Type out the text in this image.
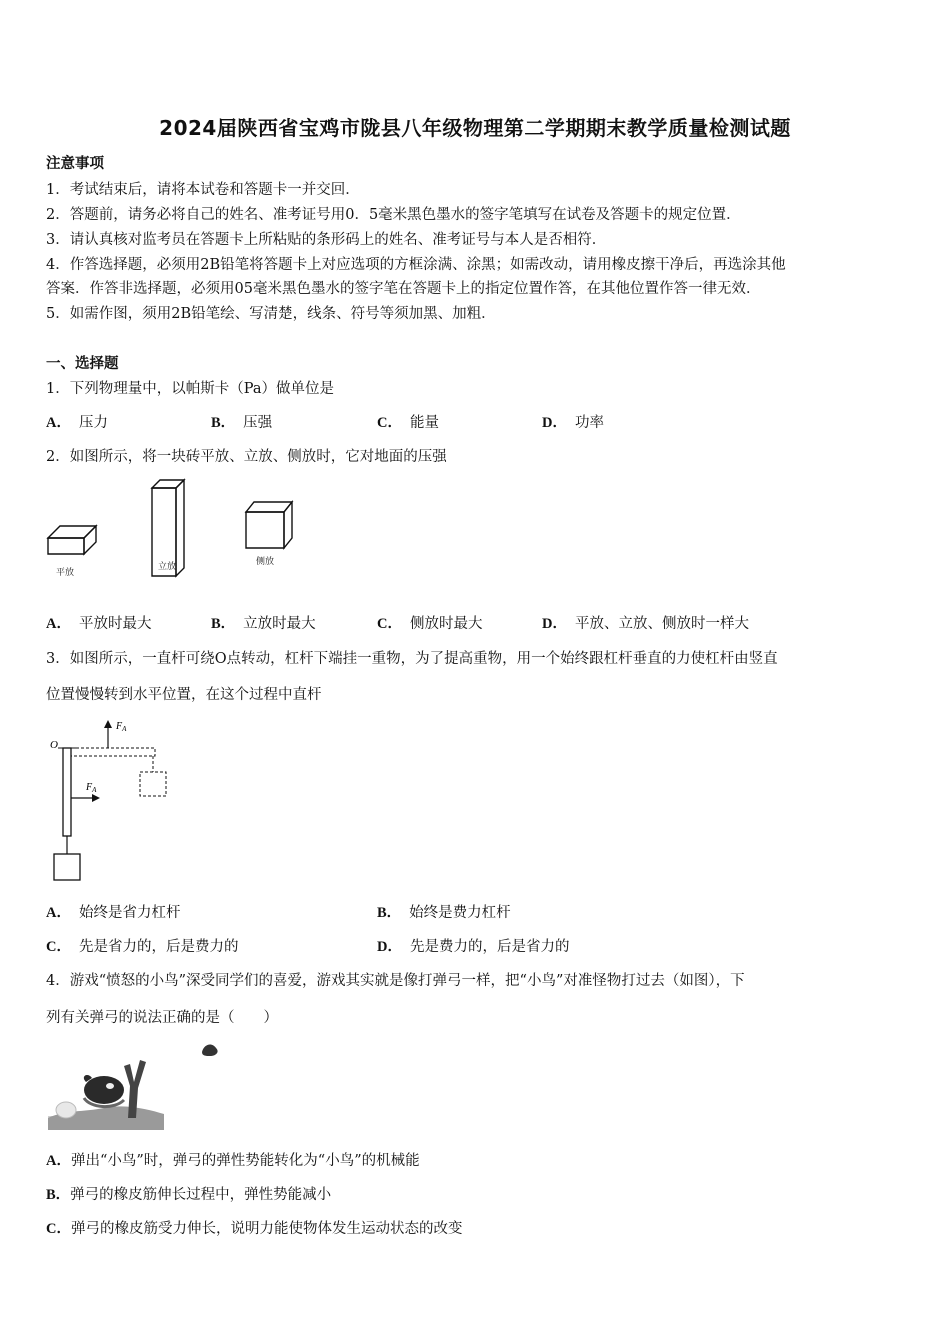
2024届陕西省宝鸡市陇县八年级物理第二学期期末教学质量检测试题
注意事项
1．考试结束后，请将本试卷和答题卡一并交回．
2．答题前，请务必将自己的姓名、准考证号用0．5毫米黑色墨水的签字笔填写在试卷及答题卡的规定位置．
3．请认真核对监考员在答题卡上所粘贴的条形码上的姓名、准考证号与本人是否相符．
4．作答选择题，必须用2B铅笔将答题卡上对应选项的方框涂满、涂黑；如需改动，请用橡皮擦干净后，再选涂其他
答案．作答非选择题，必须用05毫米黑色墨水的签字笔在答题卡上的指定位置作答，在其他位置作答一律无效．
5．如需作图，须用2B铅笔绘、写清楚，线条、符号等须加黑、加粗．
一、选择题
1．下列物理量中，以帕斯卡（Pa）做单位是
A． 压力	B． 压强	C． 能量	D． 功率
2．如图所示，将一块砖平放、立放、侧放时，它对地面的压强
平放
立放	侧放
A． 平放时最大	B． 立放时最大	C． 侧放时最大	D． 平放、立放、侧放时一样大
3．如图所示，一直杆可绕O点转动，杠杆下端挂一重物，为了提高重物，用一个始终跟杠杆垂直的力使杠杆由竖直
位置慢慢转到水平位置，在这个过程中直杆
O
$F_A$
$F_A$
A． 始终是省力杠杆	B． 始终是费力杠杆
C． 先是省力的，后是费力的	D． 先是费力的，后是省力的
4．游戏“愤怒的小鸟”深受同学们的喜爱，游戏其实就是像打弹弓一样，把“小鸟”对准怪物打过去（如图），下
列有关弹弓的说法正确的是（　　）
A．弹出“小鸟”时，弹弓的弹性势能转化为“小鸟”的机械能
B．弹弓的橡皮筋伸长过程中，弹性势能减小
C．弹弓的橡皮筋受力伸长，说明力能使物体发生运动状态的改变
